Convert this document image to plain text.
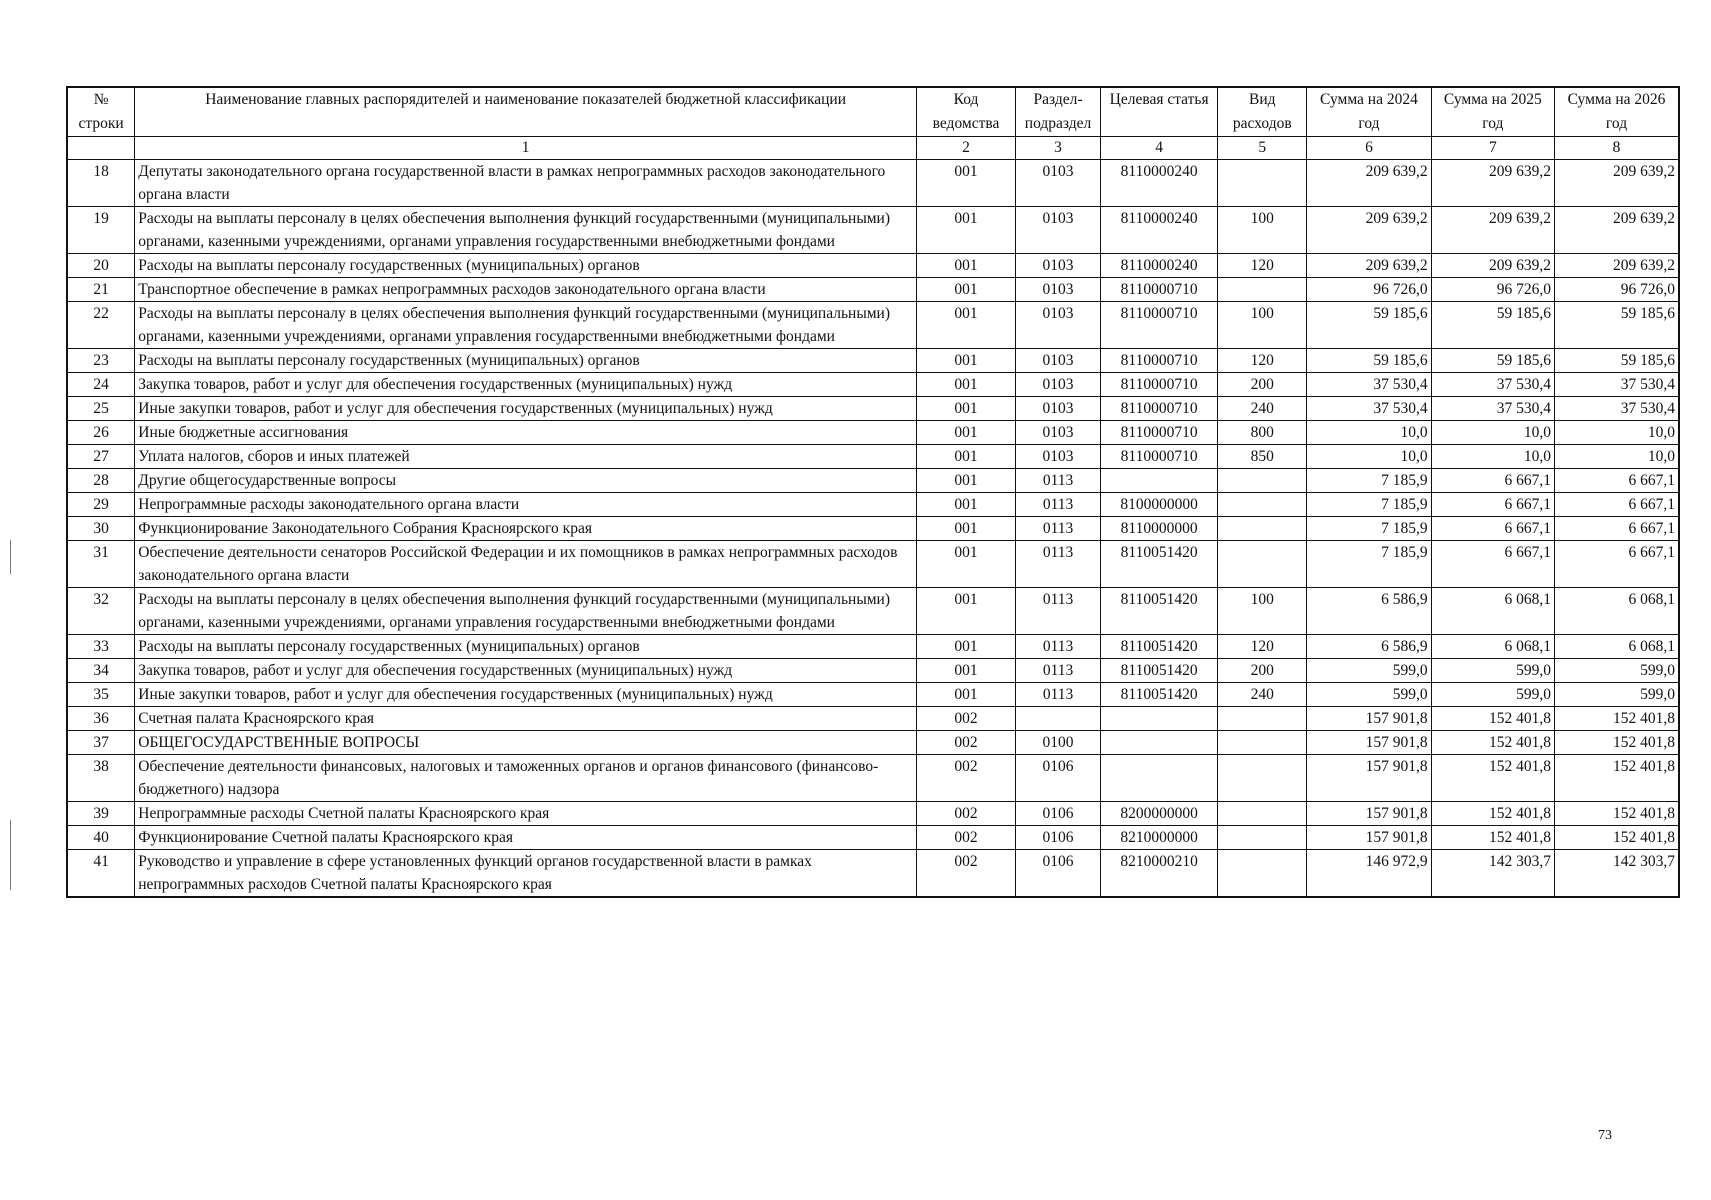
№ строки	Наименование главных распорядителей и наименование показателей бюджетной классификации	Код ведомства	Раздел-подраздел	Целевая статья	Вид расходов	Сумма на 2024 год	Сумма на 2025 год	Сумма на 2026 год
	1	2	3	4	5	6	7	8
18	Депутаты законодательного органа государственной власти в рамках непрограммных расходов законодательного органа власти	001	0103	8110000240		209 639,2	209 639,2	209 639,2
19	Расходы на выплаты персоналу в целях обеспечения выполнения функций государственными (муниципальными) органами, казенными учреждениями, органами управления государственными внебюджетными фондами	001	0103	8110000240	100	209 639,2	209 639,2	209 639,2
20	Расходы на выплаты персоналу государственных (муниципальных) органов	001	0103	8110000240	120	209 639,2	209 639,2	209 639,2
21	Транспортное обеспечение в рамках непрограммных расходов законодательного органа власти	001	0103	8110000710		96 726,0	96 726,0	96 726,0
22	Расходы на выплаты персоналу в целях обеспечения выполнения функций государственными (муниципальными) органами, казенными учреждениями, органами управления государственными внебюджетными фондами	001	0103	8110000710	100	59 185,6	59 185,6	59 185,6
23	Расходы на выплаты персоналу государственных (муниципальных) органов	001	0103	8110000710	120	59 185,6	59 185,6	59 185,6
24	Закупка товаров, работ и услуг для обеспечения государственных (муниципальных) нужд	001	0103	8110000710	200	37 530,4	37 530,4	37 530,4
25	Иные закупки товаров, работ и услуг для обеспечения государственных (муниципальных) нужд	001	0103	8110000710	240	37 530,4	37 530,4	37 530,4
26	Иные бюджетные ассигнования	001	0103	8110000710	800	10,0	10,0	10,0
27	Уплата налогов, сборов и иных платежей	001	0103	8110000710	850	10,0	10,0	10,0
28	Другие общегосударственные вопросы	001	0113			7 185,9	6 667,1	6 667,1
29	Непрограммные расходы законодательного органа власти	001	0113	8100000000		7 185,9	6 667,1	6 667,1
30	Функционирование Законодательного Собрания Красноярского края	001	0113	8110000000		7 185,9	6 667,1	6 667,1
31	Обеспечение деятельности сенаторов Российской Федерации и их помощников в рамках непрограммных расходов законодательного органа власти	001	0113	8110051420		7 185,9	6 667,1	6 667,1
32	Расходы на выплаты персоналу в целях обеспечения выполнения функций государственными (муниципальными) органами, казенными учреждениями, органами управления государственными внебюджетными фондами	001	0113	8110051420	100	6 586,9	6 068,1	6 068,1
33	Расходы на выплаты персоналу государственных (муниципальных) органов	001	0113	8110051420	120	6 586,9	6 068,1	6 068,1
34	Закупка товаров, работ и услуг для обеспечения государственных (муниципальных) нужд	001	0113	8110051420	200	599,0	599,0	599,0
35	Иные закупки товаров, работ и услуг для обеспечения государственных (муниципальных) нужд	001	0113	8110051420	240	599,0	599,0	599,0
36	Счетная палата Красноярского края	002				157 901,8	152 401,8	152 401,8
37	ОБЩЕГОСУДАРСТВЕННЫЕ ВОПРОСЫ	002	0100			157 901,8	152 401,8	152 401,8
38	Обеспечение деятельности финансовых, налоговых и таможенных органов и органов финансового (финансово-бюджетного) надзора	002	0106			157 901,8	152 401,8	152 401,8
39	Непрограммные расходы Счетной палаты Красноярского края	002	0106	8200000000		157 901,8	152 401,8	152 401,8
40	Функционирование Счетной палаты Красноярского края	002	0106	8210000000		157 901,8	152 401,8	152 401,8
41	Руководство и управление в сфере установленных функций органов государственной власти в рамках непрограммных расходов Счетной палаты Красноярского края	002	0106	8210000210		146 972,9	142 303,7	142 303,7
73
